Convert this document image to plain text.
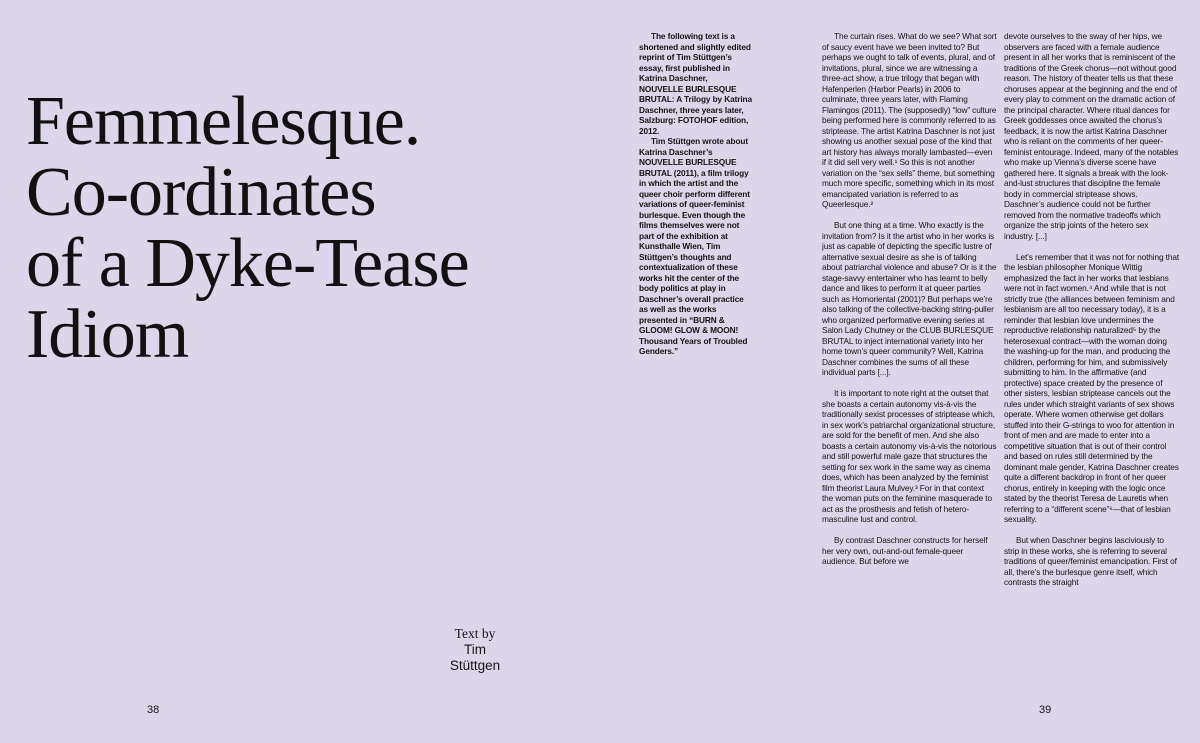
Femmelesque.
Co-ordinates
of a Dyke-Tease
Idiom
Text by
Tim
Stüttgen
38

The following text is a shortened and slightly edited reprint of Tim Stüttgen’s essay, first published in Katrina Daschner, NOUVELLE BURLESQUE BRUTAL: A Trilogy by Katrina Daschner, three years later, Salzburg: FOTOHOF edition, 2012.

Tim Stüttgen wrote about Katrina Daschner’s NOUVELLE BURLESQUE BRUTAL (2011), a film trilogy in which the artist and the queer choir perform different variations of queer-feminist burlesque. Even though the films themselves were not part of the exhibition at Kunsthalle Wien, Tim Stüttgen’s thoughts and contextualization of these works hit the center of the body politics at play in Daschner’s overall practice as well as the works presented in “BURN & GLOOM! GLOW & MOON! Thousand Years of Troubled Genders.”

The curtain rises. What do we see? What sort of saucy event have we been invited to? But perhaps we ought to talk of events, plural, and of invitations, plural, since we are witnessing a three-act show, a true trilogy that began with Hafenperlen (Harbor Pearls) in 2006 to culminate, three years later, with Flaming Flamingos (2011). The (supposedly) “low” culture being performed here is commonly referred to as striptease. The artist Katrina Daschner is not just showing us another sexual pose of the kind that art history has always morally lambasted—even if it did sell very well.¹ So this is not another variation on the “sex sells” theme, but something much more specific, something which in its most emancipated variation is referred to as Queerlesque.²

But one thing at a time. Who exactly is the invitation from? Is it the artist who in her works is just as capable of depicting the specific lustre of alternative sexual desire as she is of talking about patriarchal violence and abuse? Or is it the stage-savvy entertainer who has learnt to belly dance and likes to perform it at queer parties such as Homoriental (2001)? But perhaps we’re also talking of the collective-backing string-puller who organized performative evening series at Salon Lady Chutney or the CLUB BURLESQUE BRUTAL to inject international variety into her home town’s queer community? Well, Katrina Daschner combines the sums of all these individual parts [...].

It is important to note right at the outset that she boasts a certain autonomy vis-à-vis the traditionally sexist processes of striptease which, in sex work’s patriarchal organizational structure, are sold for the benefit of men. And she also boasts a certain autonomy vis-à-vis the notorious and still powerful male gaze that structures the setting for sex work in the same way as cinema does, which has been analyzed by the feminist film theorist Laura Mulvey.³ For in that context the woman puts on the feminine masquerade to act as the prosthesis and fetish of hetero-masculine lust and control.

By contrast Daschner constructs for herself her very own, out-and-out female-queer audience. But before we

devote ourselves to the sway of her hips, we observers are faced with a female audience present in all her works that is reminiscent of the traditions of the Greek chorus—not without good reason. The history of theater tells us that these choruses appear at the beginning and the end of every play to comment on the dramatic action of the principal character. Where ritual dances for Greek goddesses once awaited the chorus’s feedback, it is now the artist Katrina Daschner who is reliant on the comments of her queer-feminist entourage. Indeed, many of the notables who make up Vienna’s diverse scene have gathered here. It signals a break with the look-and-lust structures that discipline the female body in commercial striptease shows. Daschner’s audience could not be further removed from the normative tradeoffs which organize the strip joints of the hetero sex industry. [...]

Let’s remember that it was not for nothing that the lesbian philosopher Monique Wittig emphasized the fact in her works that lesbians were not in fact women.⁴ And while that is not strictly true (the alliances between feminism and lesbianism are all too necessary today), it is a reminder that lesbian love undermines the reproductive relationship naturalized⁵ by the heterosexual contract—with the woman doing the washing-up for the man, and producing the children, performing for him, and submissively submitting to him. In the affirmative (and protective) space created by the presence of other sisters, lesbian striptease cancels out the rules under which straight variants of sex shows operate. Where women otherwise get dollars stuffed into their G-strings to woo for attention in front of men and are made to enter into a competitive situation that is out of their control and based on rules still determined by the dominant male gender, Katrina Daschner creates quite a different backdrop in front of her queer chorus, entirely in keeping with the logic once stated by the theorist Teresa de Lauretis when referring to a “different scene”⁶—that of lesbian sexuality.

But when Daschner begins lasciviously to strip in these works, she is referring to several traditions of queer/feminist emancipation. First of all, there’s the burlesque genre itself, which contrasts the straight

39
